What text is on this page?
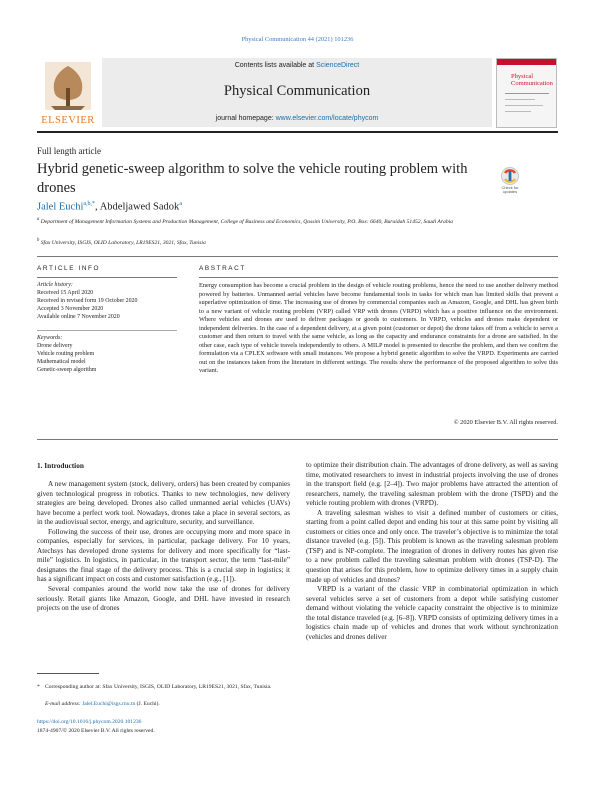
Physical Communication 44 (2021) 101236
ELSEVIER
Contents lists available at ScienceDirect
Physical Communication
journal homepage: www.elsevier.com/locate/phycom
Physical Communication
Full length article
Hybrid genetic-sweep algorithm to solve the vehicle routing problem with drones	Check for updates
Jalel Euchi$^{a,b,*}$, Abdeljawed Sadok$^a$
$^a$ Department of Management Information Systems and Production Management, College of Business and Economics, Qassim University, P.O. Box: 6640, Buraidah 51452, Saudi Arabia
$^b$ Sfax University, ISGIS, OLID Laboratory, LR19ES21, 3021, Sfax, Tunisia
ARTICLE INFO	ABSTRACT
Article history:
Received 15 April 2020
Received in revised form 19 October 2020
Accepted 3 November 2020
Available online 7 November 2020
Keywords:
Drone delivery
Vehicle routing problem
Mathematical model
Genetic-sweep algorithm
Energy consumption has become a crucial problem in the design of vehicle routing problems, hence the need to use another delivery method powered by batteries. Unmanned aerial vehicles have become fundamental tools in tasks for which man has limited skills that prevent a superlative optimization of time. The increasing use of drones by commercial companies such as Amazon, Google, and DHL has given birth to a new variant of vehicle routing problem (VRP) called VRP with drones (VRPD) which has a positive influence on the environment. Where vehicles and drones are used to deliver packages or goods to customers. In VRPD, vehicles and drones make dependent or independent deliveries. In the case of a dependent delivery, at a given point (customer or depot) the drone takes off from a vehicle to serve a customer and then return to travel with the same vehicle, as long as the capacity and endurance constraints for a drone are satisfied. In the other case, each type of vehicle travels independently to others. A MILP model is presented to describe the problem, and then we confirm the formulation via a CPLEX software with small instances. We propose a hybrid genetic algorithm to solve the VRPD. Experiments are carried out on the instances taken from the literature in different settings. The results show the performance of the proposed algorithm to solve this variant.
© 2020 Elsevier B.V. All rights reserved.
1. Introduction

A new management system (stock, delivery, orders) has been created by companies given technological progress in robotics. Thanks to new technologies, new delivery strategies are being developed. Drones also called unmanned aerial vehicles (UAVs) have become a perfect work tool. Nowadays, drones take a place in several sectors, as in the audiovisual sector, energy, and agriculture, security, and surveillance.

Following the success of their use, drones are occupying more and more space in companies, especially for services, in particular, package delivery. For 10 years, Atechsys has developed drone systems for delivery and more specifically for “last-mile” logistics. In logistics, in particular, in the transport sector, the term “last-mile” designates the final stage of the delivery process. This is a crucial step in logistics; it has a significant impact on costs and customer satisfaction (e.g., [1]).

Several companies around the world now take the use of drones for delivery seriously. Retail giants like Amazon, Google, and DHL have invested in research projects on the use of drones

to optimize their distribution chain. The advantages of drone delivery, as well as saving time, motivated researchers to invest in industrial projects involving the use of drones in the transport field (e.g. [2–4]). Two major problems have attracted the attention of researchers, namely, the traveling salesman problem with the drone (TSPD) and the vehicle routing problem with drones (VRPD).

A traveling salesman wishes to visit a defined number of customers or cities, starting from a point called depot and ending his tour at this same point by visiting all customers or cities once and only once. The traveler’s objective is to minimize the total distance traveled (e.g. [5]). This problem is known as the traveling salesman problem (TSP) and is NP-complete. The integration of drones in delivery routes has given rise to a new problem called the traveling salesman problem with drones (TSP-D). The question that arises for this problem, how to optimize delivery times in a supply chain made up of vehicles and drones?

VRPD is a variant of the classic VRP in combinatorial optimization in which several vehicles serve a set of customers from a depot while satisfying customer demand without violating the vehicle capacity constraint the objective is to minimize the total distance traveled (e.g. [6–8]). VRPD consists of optimizing delivery times in a logistics chain made up of vehicles and drones that work without synchronization (vehicles and drones deliver

* Corresponding author at: Sfax University, ISGIS, OLID Laboratory, LR19ES21, 3021, Sfax, Tunisia.
E-mail address: Jalel.Euchi@isgs.rnu.tn (J. Euchi).
https://doi.org/10.1016/j.phycom.2020.101236
1874-4907/© 2020 Elsevier B.V. All rights reserved.
